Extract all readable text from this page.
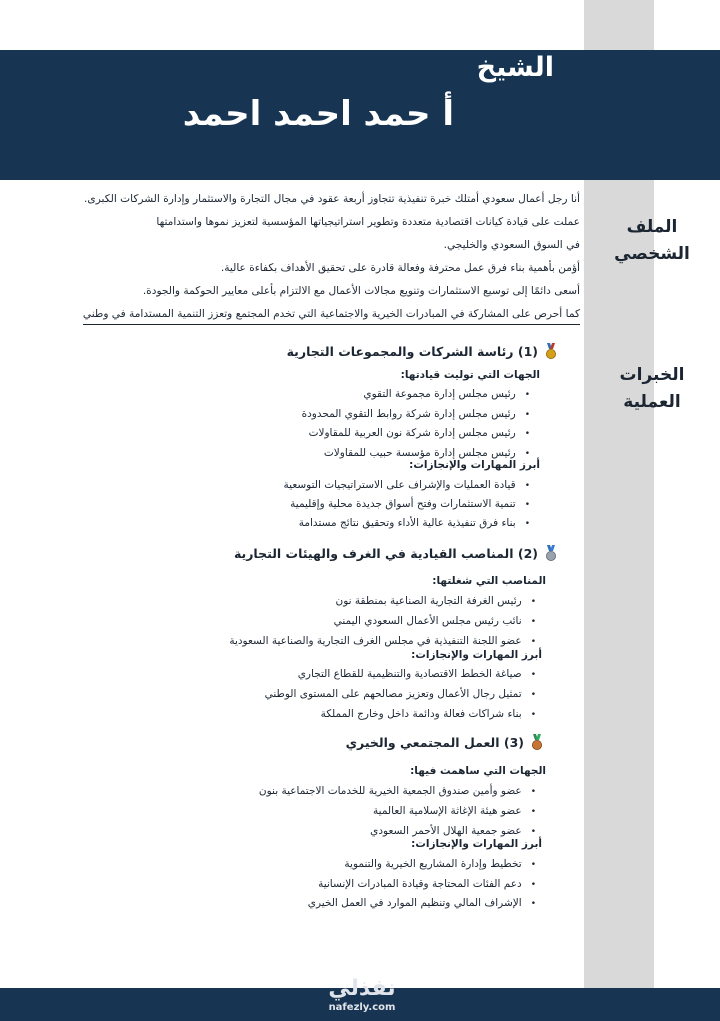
الشيخ
أ حمد احمد احمد
الملف
الشخصي
الخبرات
العملية
أنا رجل أعمال سعودي أمتلك خبرة تنفيذية تتجاوز أربعة عقود في مجال التجارة والاستثمار وإدارة الشركات الكبرى.
عملت على قيادة كيانات اقتصادية متعددة وتطوير استراتيجياتها المؤسسية لتعزيز نموها واستدامتها
في السوق السعودي والخليجي.
أؤمن بأهمية بناء فرق عمل محترفة وفعالة قادرة على تحقيق الأهداف بكفاءة عالية.
أسعى دائمًا إلى توسيع الاستثمارات وتنويع مجالات الأعمال مع الالتزام بأعلى معايير الحوكمة والجودة.
كما أحرص على المشاركة في المبادرات الخيرية والاجتماعية التي تخدم المجتمع وتعزز التنمية المستدامة في وطني
(1) رئاسة الشركات والمجموعات التجارية
الجهات التي توليت قيادتها:
• رئيس مجلس إدارة مجموعة التقوي
• رئيس مجلس إدارة شركة روابط التقوي المحدودة
• رئيس مجلس إدارة شركة نون العربية للمقاولات
• رئيس مجلس إدارة مؤسسة حبيب للمقاولات
أبرز المهارات والإنجازات:
• قيادة العمليات والإشراف على الاستراتيجيات التوسعية
• تنمية الاستثمارات وفتح أسواق جديدة محلية وإقليمية
• بناء فرق تنفيذية عالية الأداء وتحقيق نتائج مستدامة
(2) المناصب القيادية في الغرف والهيئات التجارية
المناصب التي شغلتها:
• رئيس الغرفة التجارية الصناعية بمنطقة نون
• نائب رئيس مجلس الأعمال السعودي اليمني
• عضو اللجنة التنفيذية في مجلس الغرف التجارية والصناعية السعودية
أبرز المهارات والإنجازات:
• صياغة الخطط الاقتصادية والتنظيمية للقطاع التجاري
• تمثيل رجال الأعمال وتعزيز مصالحهم على المستوى الوطني
• بناء شراكات فعالة ودائمة داخل وخارج المملكة
(3) العمل المجتمعي والخيري
الجهات التي ساهمت فيها:
• عضو وأمين صندوق الجمعية الخيرية للخدمات الاجتماعية بنون
• عضو هيئة الإغاثة الإسلامية العالمية
• عضو جمعية الهلال الأحمر السعودي
أبرز المهارات والإنجازات:
• تخطيط وإدارة المشاريع الخيرية والتنموية
• دعم الفئات المحتاجة وقيادة المبادرات الإنسانية
• الإشراف المالي وتنظيم الموارد في العمل الخيري
نفذلي
nafezly.com
